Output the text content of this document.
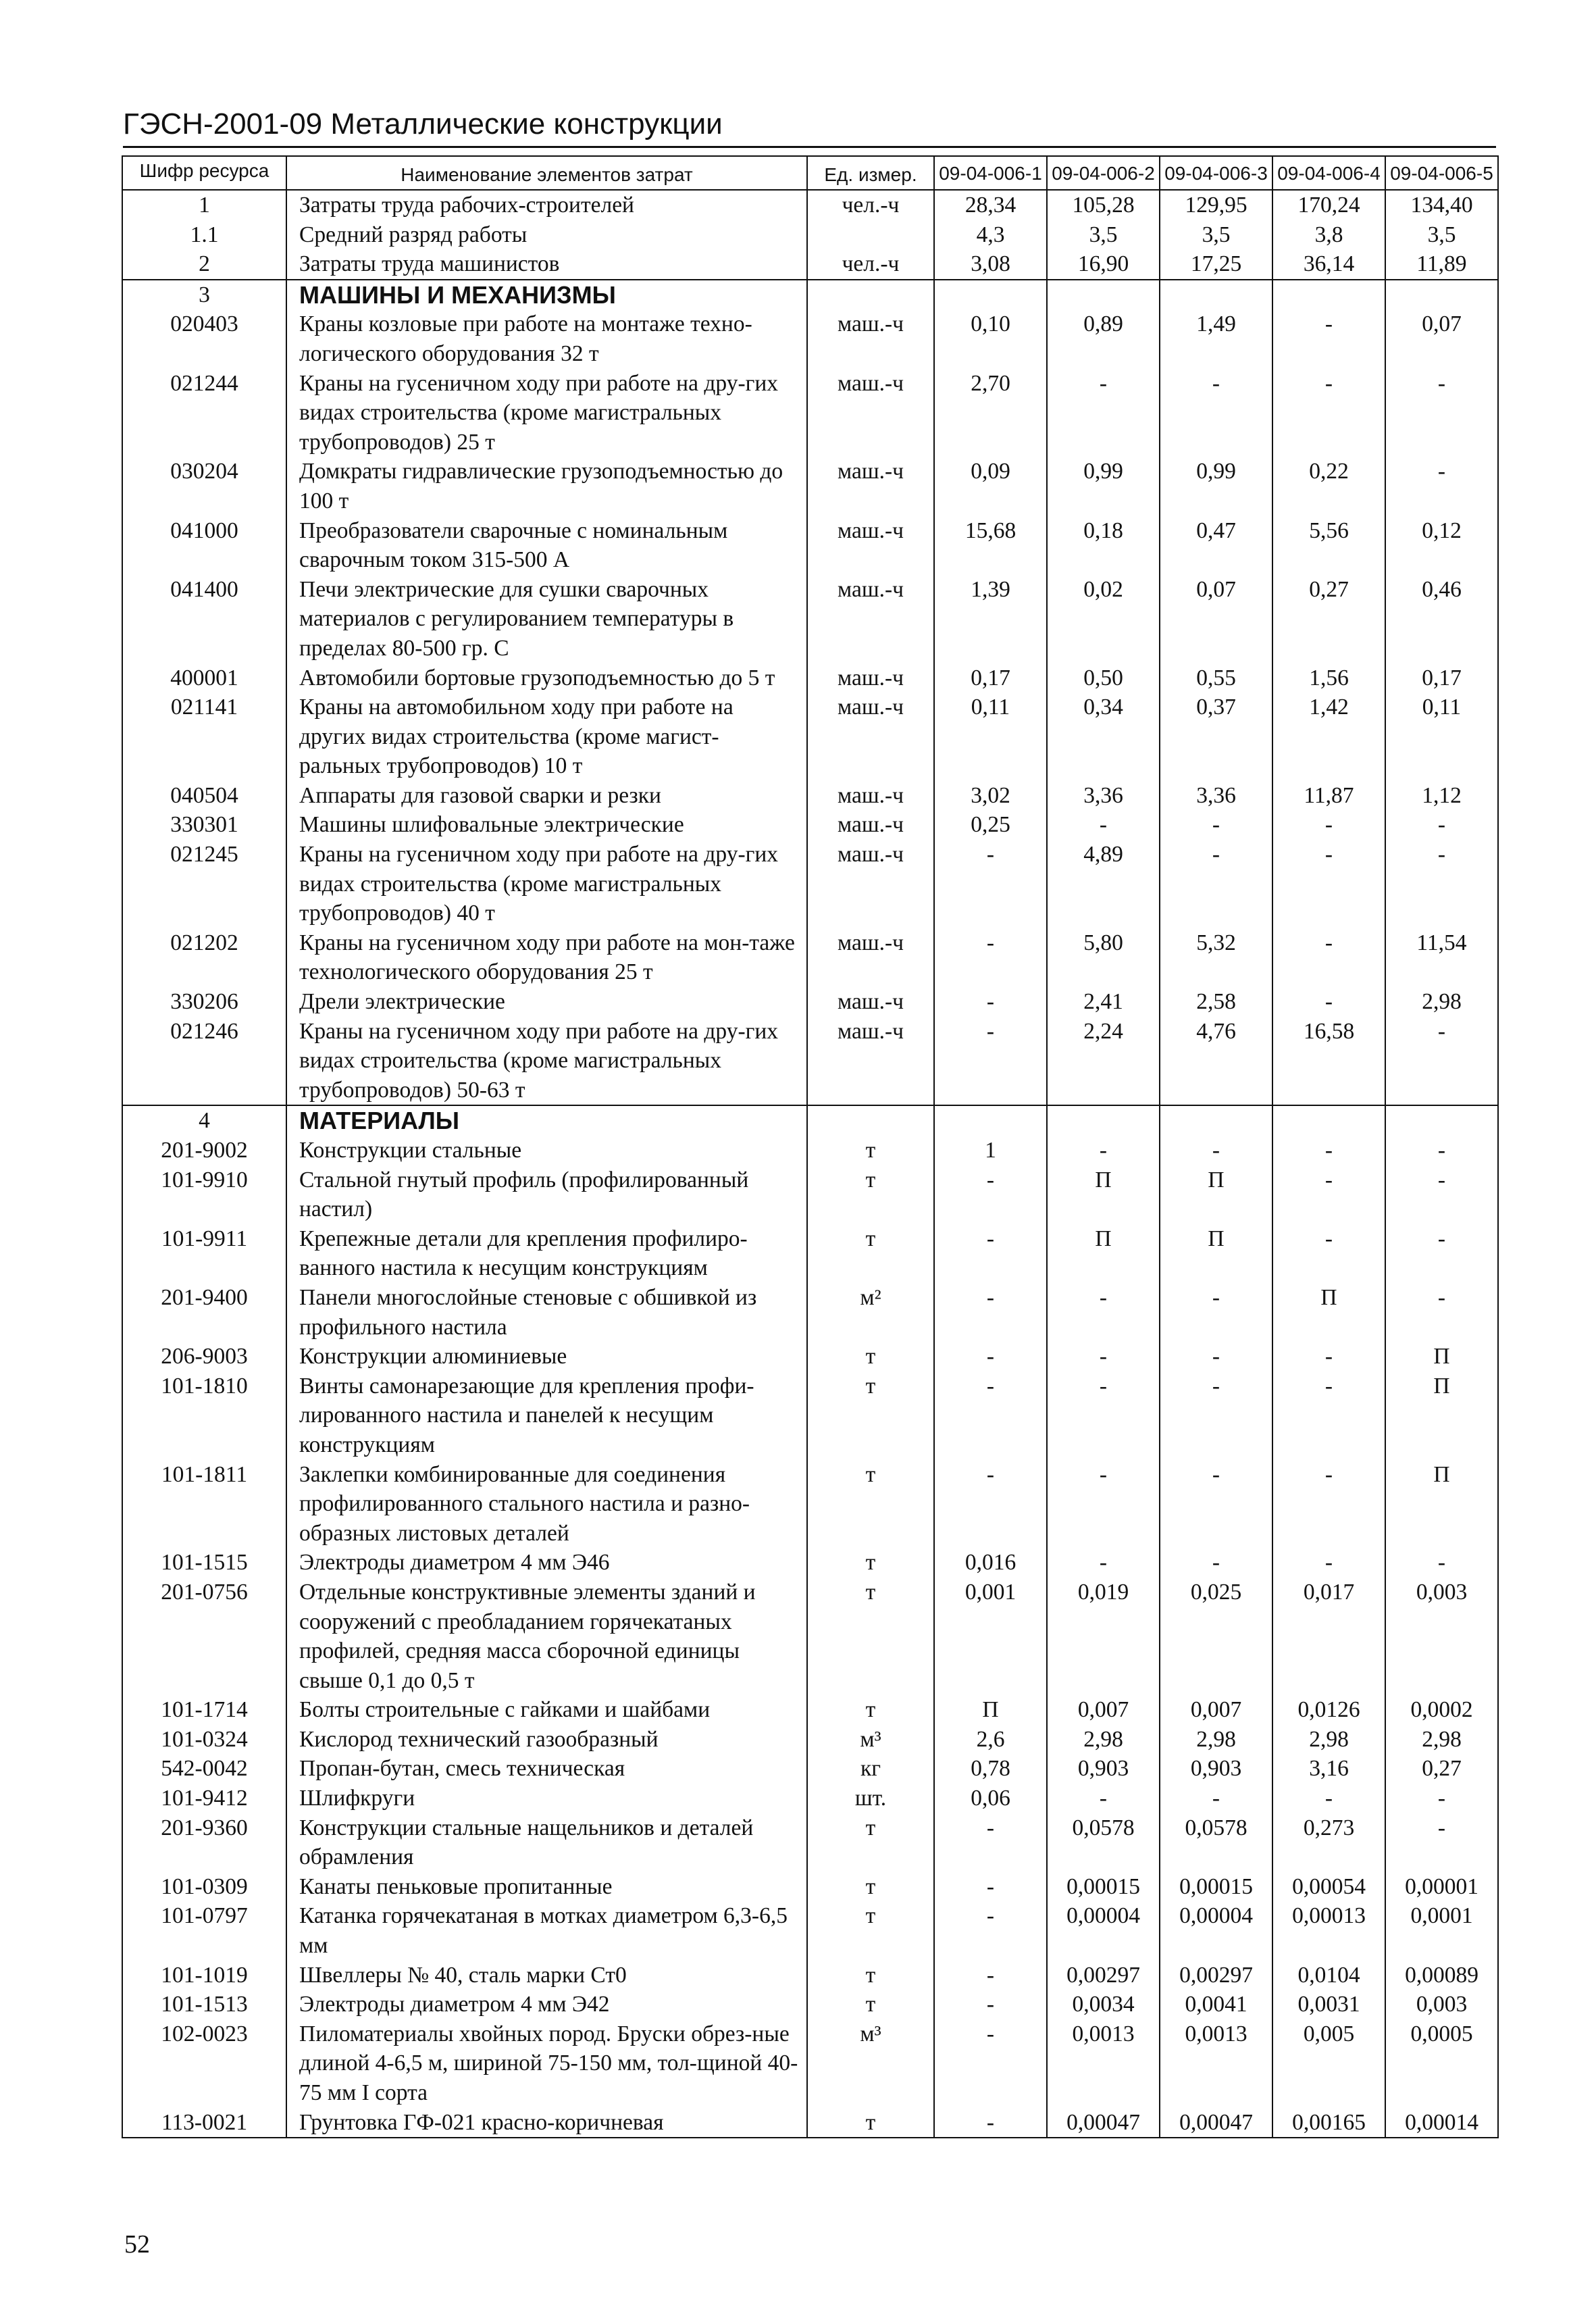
ГЭСН-2001-09 Металлические конструкции
Шифр ресурса	Наименование элементов затрат	Ед. измер.	09-04-006-1	09-04-006-2	09-04-006-3	09-04-006-4	09-04-006-5
1	Затраты труда рабочих-строителей	чел.-ч	28,34	105,28	129,95	170,24	134,40
1.1	Средний разряд работы		4,3	3,5	3,5	3,8	3,5
2	Затраты труда машинистов	чел.-ч	3,08	16,90	17,25	36,14	11,89
3	МАШИНЫ И МЕХАНИЗМЫ						
020403	Краны козловые при работе на монтаже техно-логического оборудования 32 т	маш.-ч	0,10	0,89	1,49	-	0,07
021244	Краны на гусеничном ходу при работе на дру-гих видах строительства (кроме магистральных трубопроводов) 25 т	маш.-ч	2,70	-	-	-	-
030204	Домкраты гидравлические грузоподъемностью до 100 т	маш.-ч	0,09	0,99	0,99	0,22	-
041000	Преобразователи сварочные с номинальным сварочным током 315-500 А	маш.-ч	15,68	0,18	0,47	5,56	0,12
041400	Печи электрические для сушки сварочных материалов с регулированием температуры в пределах 80-500 гр. С	маш.-ч	1,39	0,02	0,07	0,27	0,46
400001	Автомобили бортовые грузоподъемностью до 5 т	маш.-ч	0,17	0,50	0,55	1,56	0,17
021141	Краны на автомобильном ходу при работе на других видах строительства (кроме магист-ральных трубопроводов) 10 т	маш.-ч	0,11	0,34	0,37	1,42	0,11
040504	Аппараты для газовой сварки и резки	маш.-ч	3,02	3,36	3,36	11,87	1,12
330301	Машины шлифовальные электрические	маш.-ч	0,25	-	-	-	-
021245	Краны на гусеничном ходу при работе на дру-гих видах строительства (кроме магистральных трубопроводов) 40 т	маш.-ч	-	4,89	-	-	-
021202	Краны на гусеничном ходу при работе на мон-таже технологического оборудования 25 т	маш.-ч	-	5,80	5,32	-	11,54
330206	Дрели электрические	маш.-ч	-	2,41	2,58	-	2,98
021246	Краны на гусеничном ходу при работе на дру-гих видах строительства (кроме магистральных трубопроводов) 50-63 т	маш.-ч	-	2,24	4,76	16,58	-
4	МАТЕРИАЛЫ						
201-9002	Конструкции стальные	т	1	-	-	-	-
101-9910	Стальной гнутый профиль (профилированный настил)	т	-	П	П	-	-
101-9911	Крепежные детали для крепления профилиро-ванного настила к несущим конструкциям	т	-	П	П	-	-
201-9400	Панели многослойные стеновые с обшивкой из профильного настила	м²	-	-	-	П	-
206-9003	Конструкции алюминиевые	т	-	-	-	-	П
101-1810	Винты самонарезающие для крепления профи-лированного настила и панелей к несущим конструкциям	т	-	-	-	-	П
101-1811	Заклепки комбинированные для соединения профилированного стального настила и разно-образных листовых деталей	т	-	-	-	-	П
101-1515	Электроды диаметром 4 мм Э46	т	0,016	-	-	-	-
201-0756	Отдельные конструктивные элементы зданий и сооружений с преобладанием горячекатаных профилей, средняя масса сборочной единицы свыше 0,1 до 0,5 т	т	0,001	0,019	0,025	0,017	0,003
101-1714	Болты строительные с гайками и шайбами	т	П	0,007	0,007	0,0126	0,0002
101-0324	Кислород технический газообразный	м³	2,6	2,98	2,98	2,98	2,98
542-0042	Пропан-бутан, смесь техническая	кг	0,78	0,903	0,903	3,16	0,27
101-9412	Шлифкруги	шт.	0,06	-	-	-	-
201-9360	Конструкции стальные нащельников и деталей обрамления	т	-	0,0578	0,0578	0,273	-
101-0309	Канаты пеньковые пропитанные	т	-	0,00015	0,00015	0,00054	0,00001
101-0797	Катанка горячекатаная в мотках диаметром 6,3-6,5 мм	т	-	0,00004	0,00004	0,00013	0,0001
101-1019	Швеллеры № 40, сталь марки Ст0	т	-	0,00297	0,00297	0,0104	0,00089
101-1513	Электроды диаметром 4 мм Э42	т	-	0,0034	0,0041	0,0031	0,003
102-0023	Пиломатериалы хвойных пород. Бруски обрез-ные длиной 4-6,5 м, шириной 75-150 мм, тол-щиной 40-75 мм I сорта	м³	-	0,0013	0,0013	0,005	0,0005
113-0021	Грунтовка ГФ-021 красно-коричневая	т	-	0,00047	0,00047	0,00165	0,00014
52
